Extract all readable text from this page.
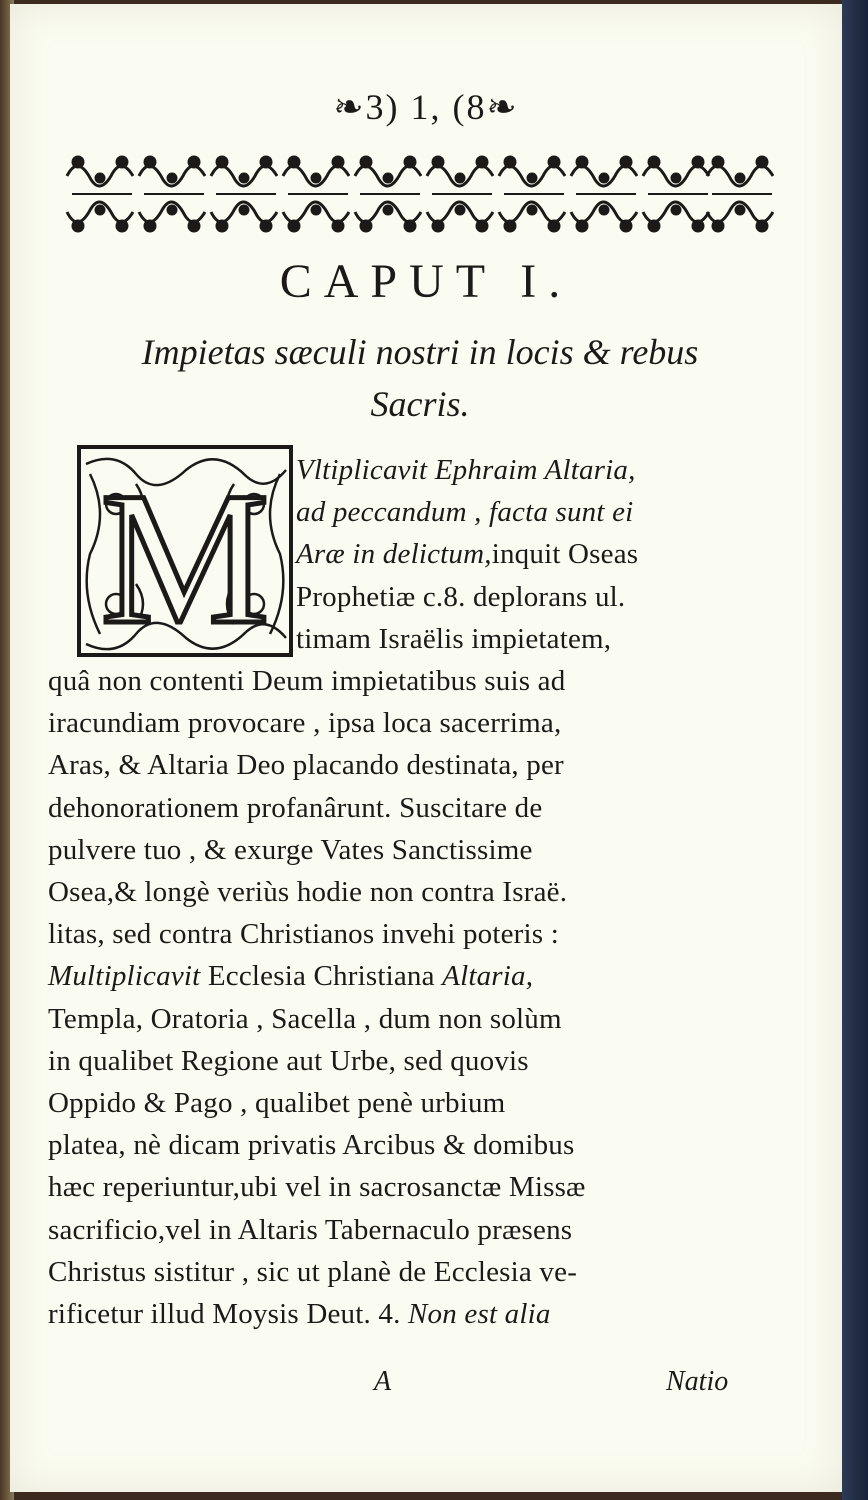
❧3) 1, (8❧
CAPUT I.
Impietas sæculi nostri in locis & rebus
Sacris.
M Vltiplicavit Ephraim Altaria,
ad peccandum , facta sunt ei
Aræ in delictum,inquit Oseas
Prophetiæ c.8. deplorans ul.
timam Israëlis impietatem,
quâ non contenti Deum impietatibus suis ad
iracundiam provocare , ipsa loca sacerrima,
Aras, & Altaria Deo placando destinata, per
dehonorationem profanârunt. Suscitare de
pulvere tuo , & exurge Vates Sanctissime
Osea,& longè veriùs hodie non contra Israë.
litas, sed contra Christianos invehi poteris :
Multiplicavit Ecclesia Christiana Altaria,
Templa, Oratoria , Sacella , dum non solùm
in qualibet Regione aut Urbe, sed quovis
Oppido & Pago , qualibet penè urbium
platea, nè dicam privatis Arcibus & domibus
hæc reperiuntur,ubi vel in sacrosanctæ Missæ
sacrificio,vel in Altaris Tabernaculo præsens
Christus sistitur , sic ut planè de Ecclesia ve-
rificetur illud Moysis Deut. 4. Non est alia
A	Natio
